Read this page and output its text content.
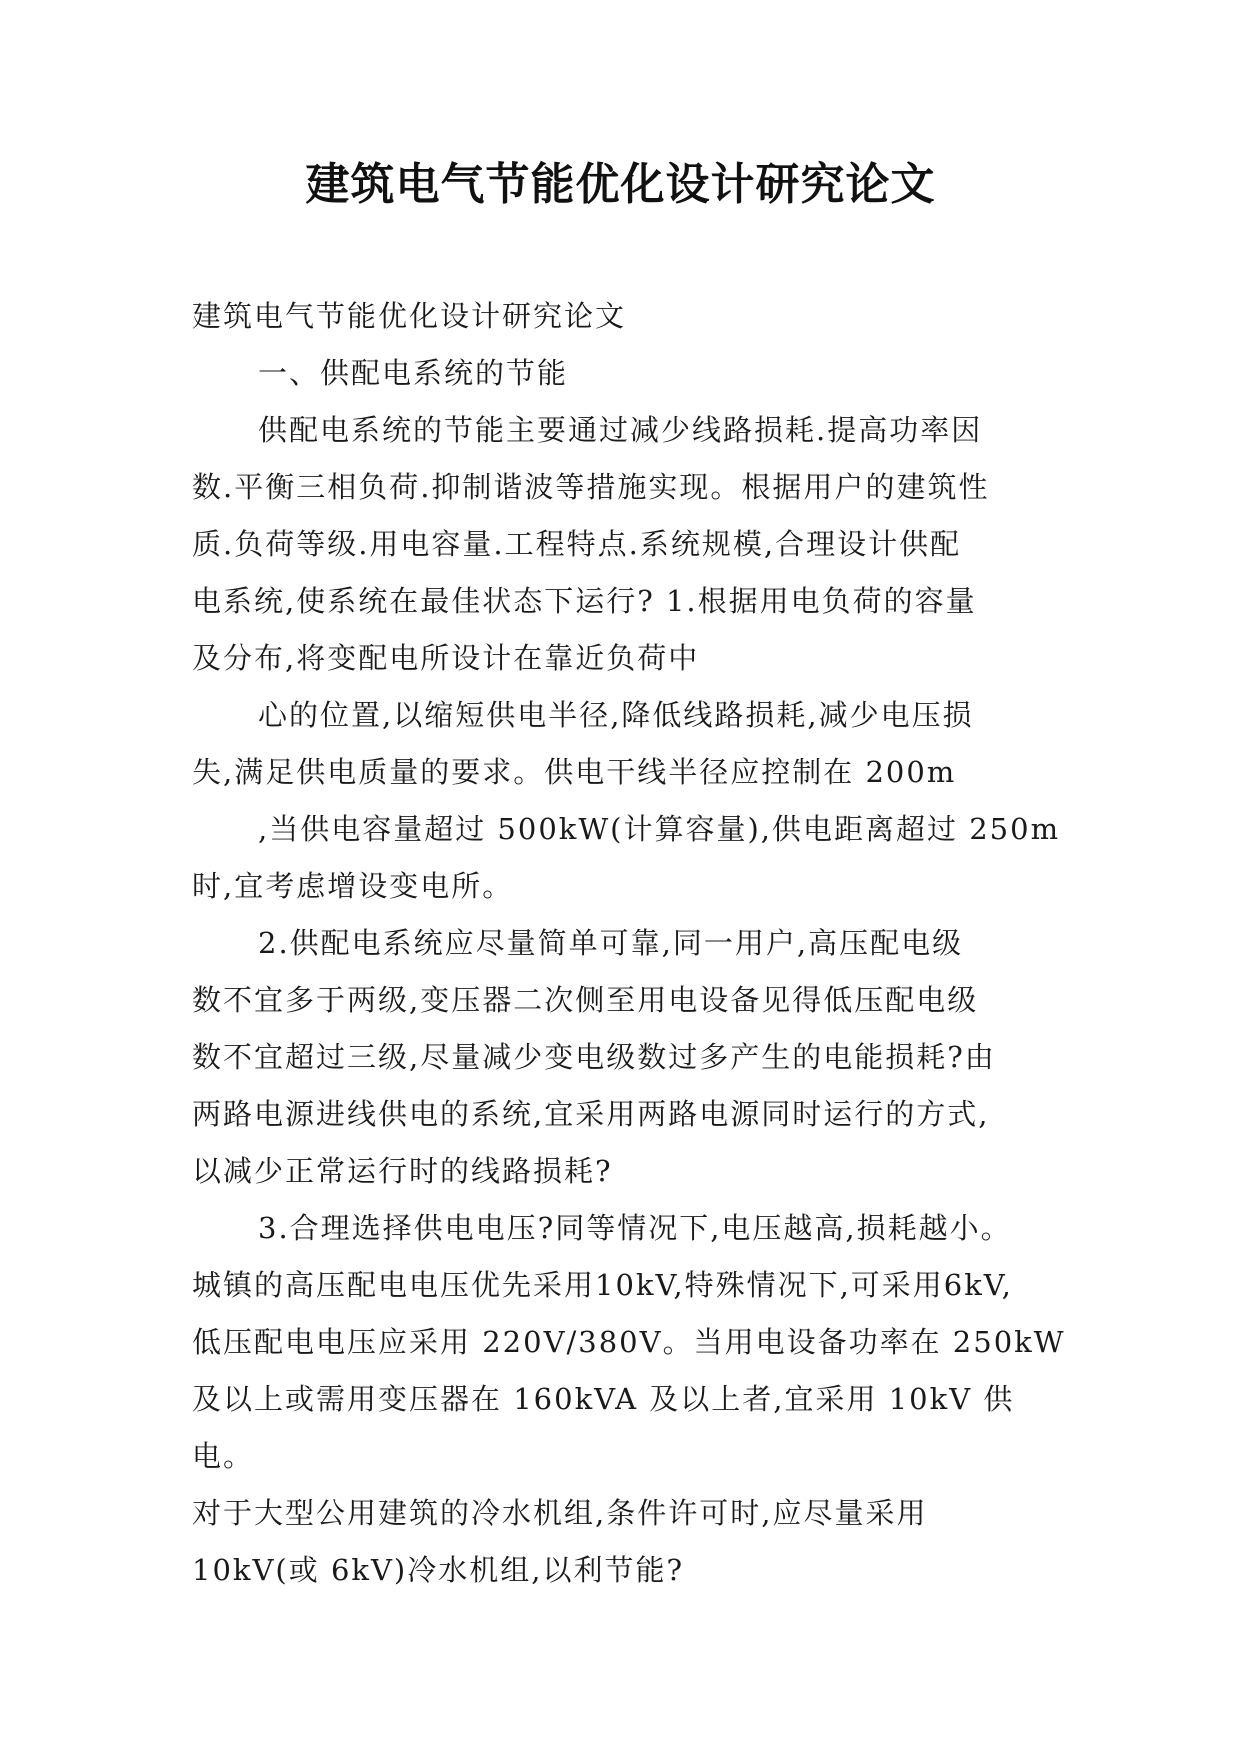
建筑电气节能优化设计研究论文

建筑电气节能优化设计研究论文

一、供配电系统的节能

供配电系统的节能主要通过减少线路损耗.提高功率因
数.平衡三相负荷.抑制谐波等措施实现。根据用户的建筑性
质.负荷等级.用电容量.工程特点.系统规模,合理设计供配
电系统,使系统在最佳状态下运行? 1.根据用电负荷的容量
及分布,将变配电所设计在靠近负荷中

心的位置,以缩短供电半径,降低线路损耗,减少电压损
失,满足供电质量的要求。供电干线半径应控制在 200m

,当供电容量超过 500kW(计算容量),供电距离超过 250m
时,宜考虑增设变电所。

2.供配电系统应尽量简单可靠,同一用户,高压配电级
数不宜多于两级,变压器二次侧至用电设备见得低压配电级
数不宜超过三级,尽量减少变电级数过多产生的电能损耗?由
两路电源进线供电的系统,宜采用两路电源同时运行的方式,
以减少正常运行时的线路损耗?

3.合理选择供电电压?同等情况下,电压越高,损耗越小。
城镇的高压配电电压优先采用10kV,特殊情况下,可采用6kV,
低压配电电压应采用 220V/380V。当用电设备功率在 250kW
及以上或需用变压器在 160kVA 及以上者,宜采用 10kV 供电。
对于大型公用建筑的冷水机组,条件许可时,应尽量采用
10kV(或 6kV)冷水机组,以利节能?
